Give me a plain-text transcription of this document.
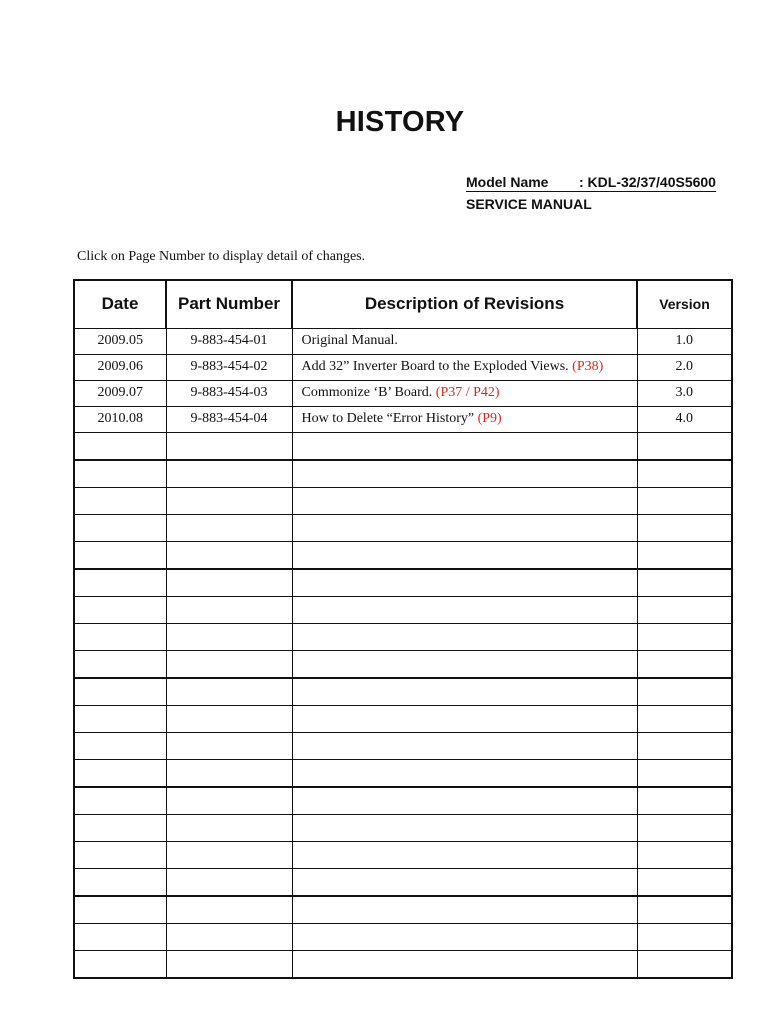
HISTORY
Model Name : KDL-32/37/40S5600
SERVICE MANUAL
Click on Page Number to display detail of changes.
Date	Part Number	Description of Revisions	Version
2009.05	9-883-454-01	Original Manual.	1.0
2009.06	9-883-454-02	Add 32” Inverter Board to the Exploded Views. (P38)	2.0
2009.07	9-883-454-03	Commonize ‘B’ Board. (P37 / P42)	3.0
2010.08	9-883-454-04	How to Delete “Error History” (P9)	4.0
